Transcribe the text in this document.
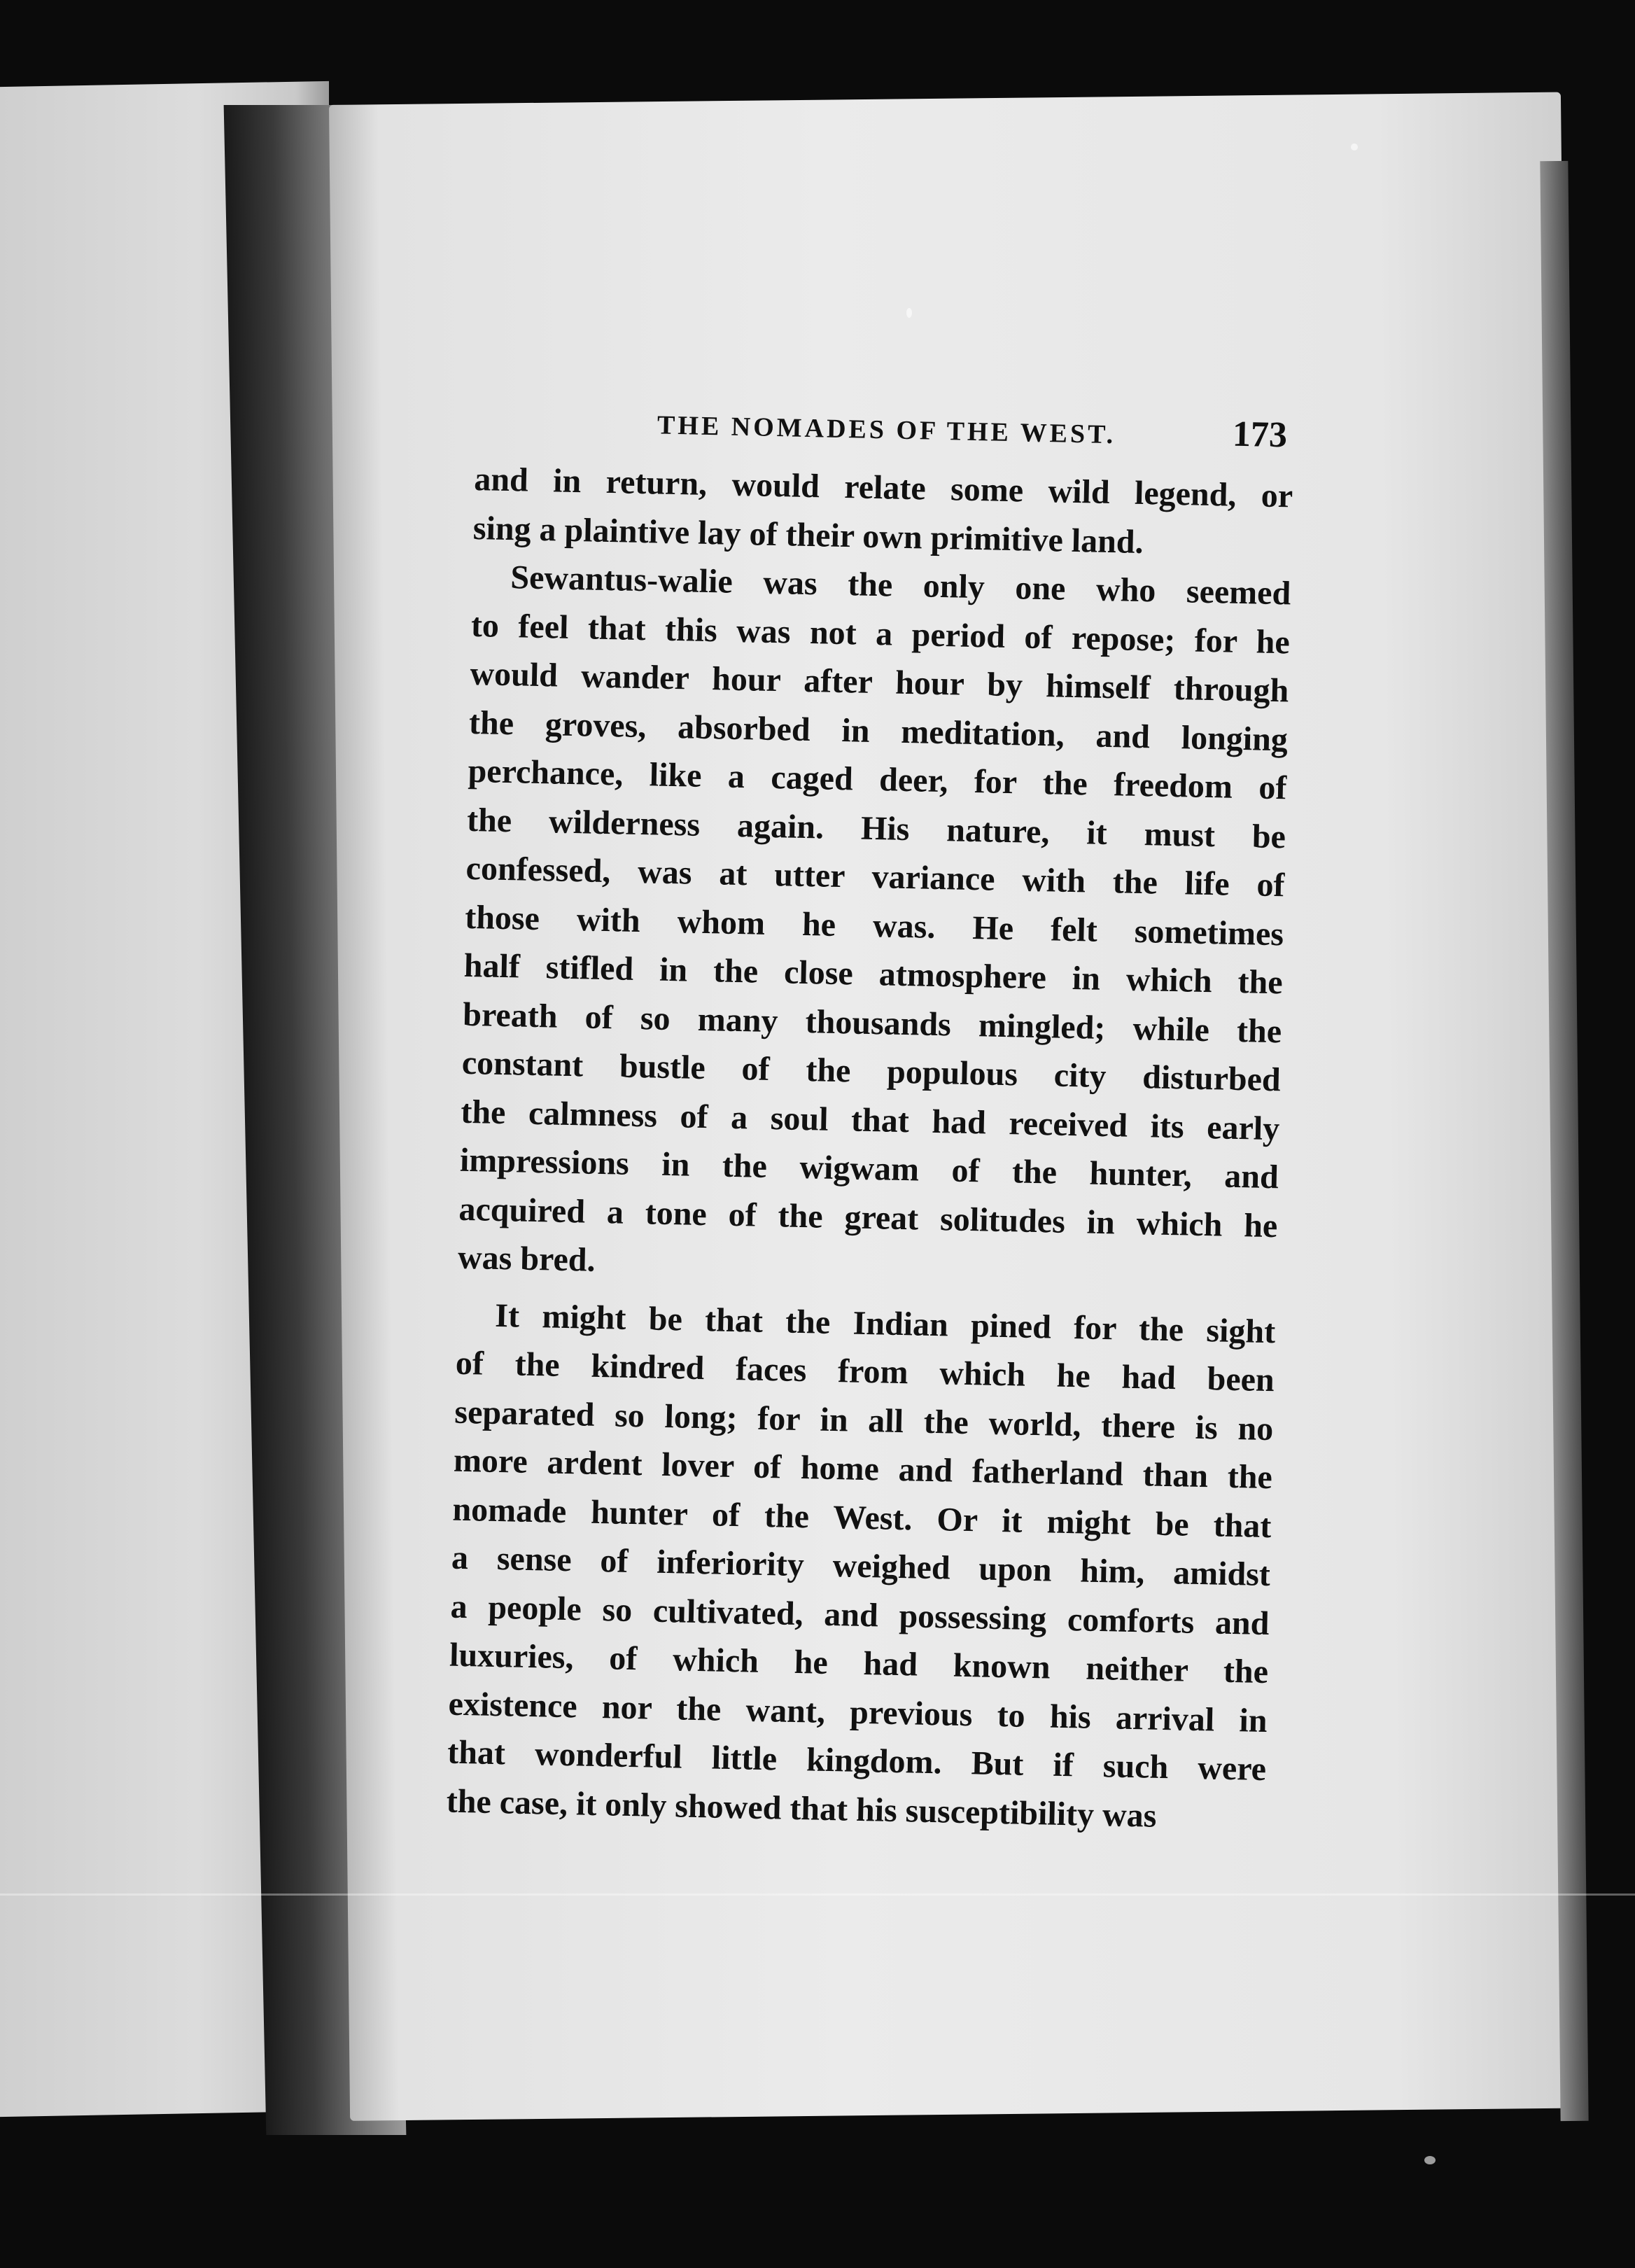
THE NOMADES OF THE WEST.	173
and in return, would relate some wild legend, or
sing a plaintive lay of their own primitive land.
Sewantus-walie was the only one who seemed
to feel that this was not a period of repose; for he
would wander hour after hour by himself through
the groves, absorbed in meditation, and longing
perchance, like a caged deer, for the freedom of
the wilderness again. His nature, it must be
confessed, was at utter variance with the life of
those with whom he was. He felt sometimes
half stifled in the close atmosphere in which the
breath of so many thousands mingled; while the
constant bustle of the populous city disturbed
the calmness of a soul that had received its early
impressions in the wigwam of the hunter, and
acquired a tone of the great solitudes in which he
was bred.
It might be that the Indian pined for the sight
of the kindred faces from which he had been
separated so long; for in all the world, there is no
more ardent lover of home and fatherland than the
nomade hunter of the West. Or it might be that
a sense of inferiority weighed upon him, amidst
a people so cultivated, and possessing comforts and
luxuries, of which he had known neither the
existence nor the want, previous to his arrival in
that wonderful little kingdom. But if such were
the case, it only showed that his susceptibility was
